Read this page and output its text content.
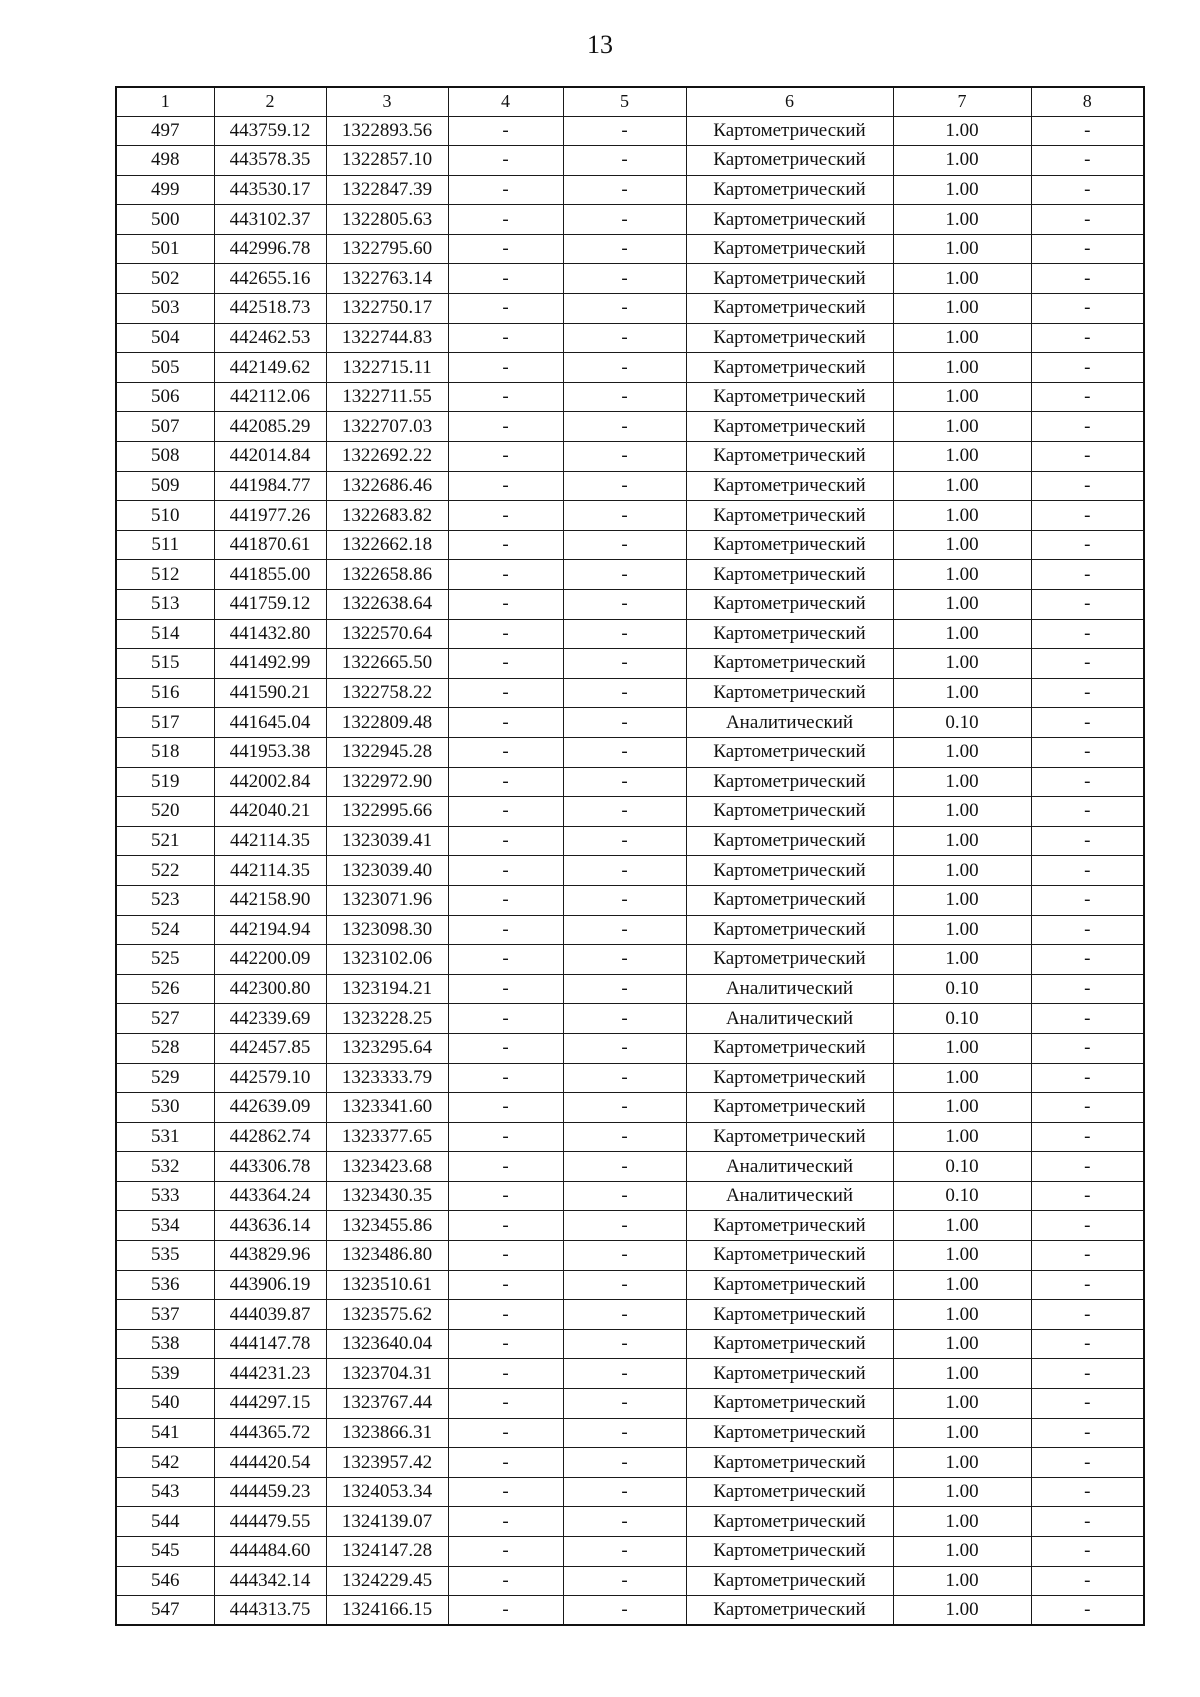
13
1	2	3	4	5	6	7	8
497	443759.12	1322893.56	-	-	Картометрический	1.00	-
498	443578.35	1322857.10	-	-	Картометрический	1.00	-
499	443530.17	1322847.39	-	-	Картометрический	1.00	-
500	443102.37	1322805.63	-	-	Картометрический	1.00	-
501	442996.78	1322795.60	-	-	Картометрический	1.00	-
502	442655.16	1322763.14	-	-	Картометрический	1.00	-
503	442518.73	1322750.17	-	-	Картометрический	1.00	-
504	442462.53	1322744.83	-	-	Картометрический	1.00	-
505	442149.62	1322715.11	-	-	Картометрический	1.00	-
506	442112.06	1322711.55	-	-	Картометрический	1.00	-
507	442085.29	1322707.03	-	-	Картометрический	1.00	-
508	442014.84	1322692.22	-	-	Картометрический	1.00	-
509	441984.77	1322686.46	-	-	Картометрический	1.00	-
510	441977.26	1322683.82	-	-	Картометрический	1.00	-
511	441870.61	1322662.18	-	-	Картометрический	1.00	-
512	441855.00	1322658.86	-	-	Картометрический	1.00	-
513	441759.12	1322638.64	-	-	Картометрический	1.00	-
514	441432.80	1322570.64	-	-	Картометрический	1.00	-
515	441492.99	1322665.50	-	-	Картометрический	1.00	-
516	441590.21	1322758.22	-	-	Картометрический	1.00	-
517	441645.04	1322809.48	-	-	Аналитический	0.10	-
518	441953.38	1322945.28	-	-	Картометрический	1.00	-
519	442002.84	1322972.90	-	-	Картометрический	1.00	-
520	442040.21	1322995.66	-	-	Картометрический	1.00	-
521	442114.35	1323039.41	-	-	Картометрический	1.00	-
522	442114.35	1323039.40	-	-	Картометрический	1.00	-
523	442158.90	1323071.96	-	-	Картометрический	1.00	-
524	442194.94	1323098.30	-	-	Картометрический	1.00	-
525	442200.09	1323102.06	-	-	Картометрический	1.00	-
526	442300.80	1323194.21	-	-	Аналитический	0.10	-
527	442339.69	1323228.25	-	-	Аналитический	0.10	-
528	442457.85	1323295.64	-	-	Картометрический	1.00	-
529	442579.10	1323333.79	-	-	Картометрический	1.00	-
530	442639.09	1323341.60	-	-	Картометрический	1.00	-
531	442862.74	1323377.65	-	-	Картометрический	1.00	-
532	443306.78	1323423.68	-	-	Аналитический	0.10	-
533	443364.24	1323430.35	-	-	Аналитический	0.10	-
534	443636.14	1323455.86	-	-	Картометрический	1.00	-
535	443829.96	1323486.80	-	-	Картометрический	1.00	-
536	443906.19	1323510.61	-	-	Картометрический	1.00	-
537	444039.87	1323575.62	-	-	Картометрический	1.00	-
538	444147.78	1323640.04	-	-	Картометрический	1.00	-
539	444231.23	1323704.31	-	-	Картометрический	1.00	-
540	444297.15	1323767.44	-	-	Картометрический	1.00	-
541	444365.72	1323866.31	-	-	Картометрический	1.00	-
542	444420.54	1323957.42	-	-	Картометрический	1.00	-
543	444459.23	1324053.34	-	-	Картометрический	1.00	-
544	444479.55	1324139.07	-	-	Картометрический	1.00	-
545	444484.60	1324147.28	-	-	Картометрический	1.00	-
546	444342.14	1324229.45	-	-	Картометрический	1.00	-
547	444313.75	1324166.15	-	-	Картометрический	1.00	-
